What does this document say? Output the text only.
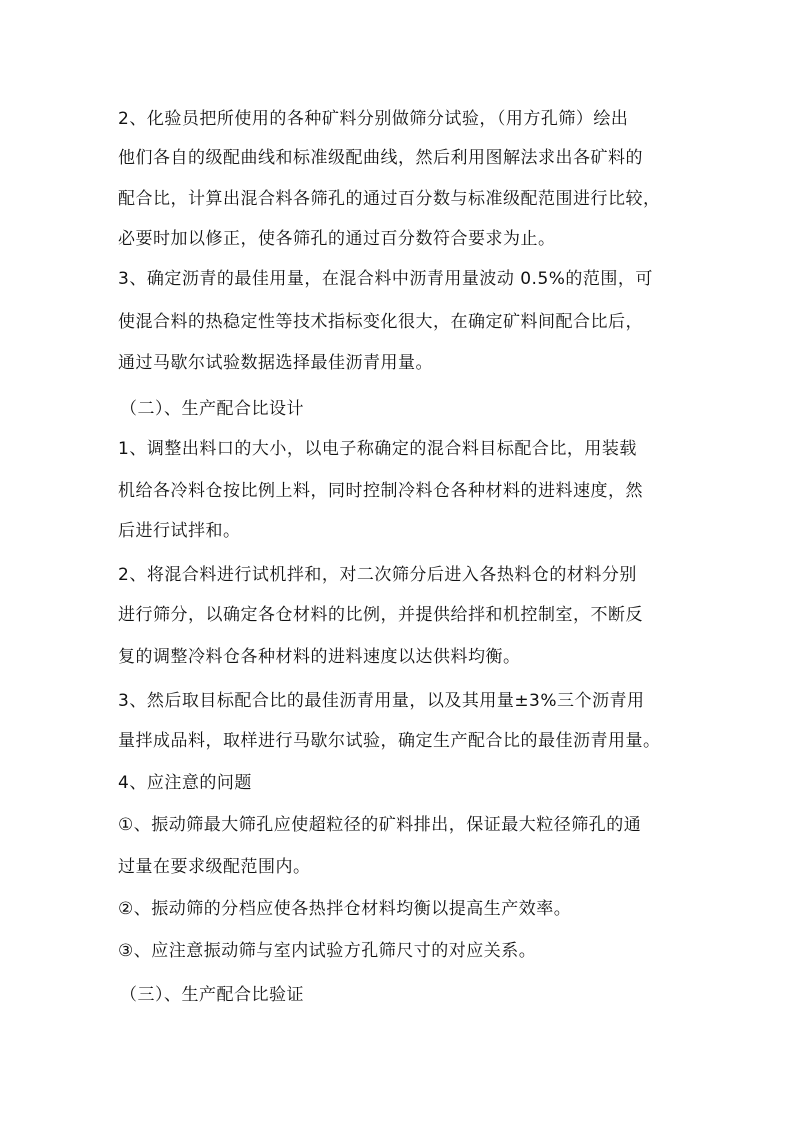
2、化验员把所使用的各种矿料分别做筛分试验，（用方孔筛）绘出
他们各自的级配曲线和标准级配曲线，然后利用图解法求出各矿料的
配合比，计算出混合料各筛孔的通过百分数与标准级配范围进行比较，
必要时加以修正，使各筛孔的通过百分数符合要求为止。
3、确定沥青的最佳用量，在混合料中沥青用量波动 0.5%的范围，可
使混合料的热稳定性等技术指标变化很大，在确定矿料间配合比后，
通过马歇尔试验数据选择最佳沥青用量。
（二）、生产配合比设计
1、调整出料口的大小，以电子称确定的混合料目标配合比，用装载
机给各冷料仓按比例上料，同时控制冷料仓各种材料的进料速度，然
后进行试拌和。
2、将混合料进行试机拌和，对二次筛分后进入各热料仓的材料分别
进行筛分，以确定各仓材料的比例，并提供给拌和机控制室，不断反
复的调整冷料仓各种材料的进料速度以达供料均衡。
3、然后取目标配合比的最佳沥青用量，以及其用量±3%三个沥青用
量拌成品料，取样进行马歇尔试验，确定生产配合比的最佳沥青用量。
4、应注意的问题
①、振动筛最大筛孔应使超粒径的矿料排出，保证最大粒径筛孔的通
过量在要求级配范围内。
②、振动筛的分档应使各热拌仓材料均衡以提高生产效率。
③、应注意振动筛与室内试验方孔筛尺寸的对应关系。
（三）、生产配合比验证
